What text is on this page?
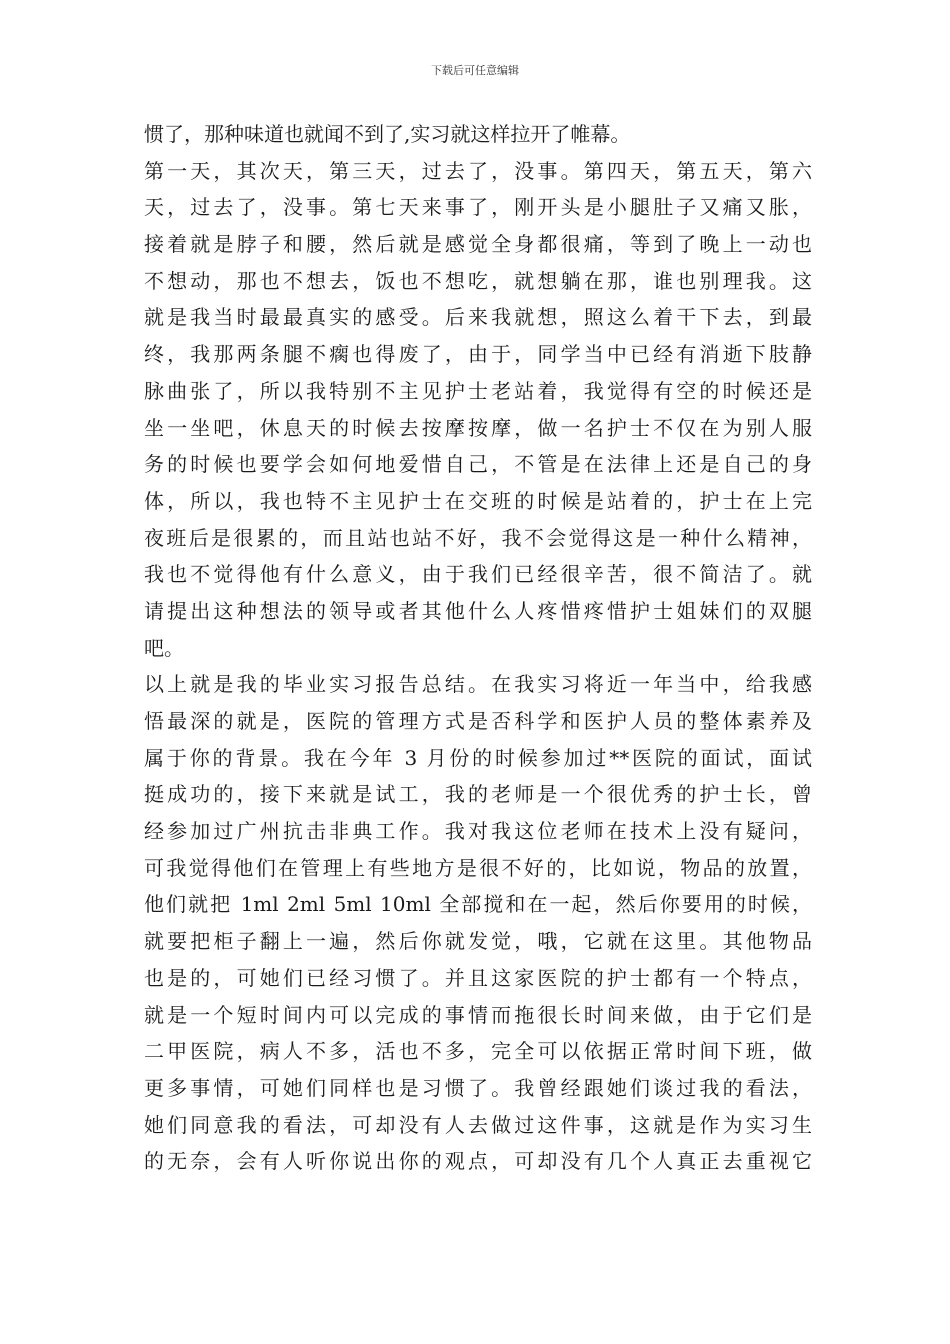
下载后可任意编辑
惯了，那种味道也就闻不到了,实习就这样拉开了帷幕。
第一天，其次天，第三天，过去了，没事。第四天，第五天，第六
天，过去了，没事。第七天来事了，刚开头是小腿肚子又痛又胀，
接着就是脖子和腰，然后就是感觉全身都很痛，等到了晚上一动也
不想动，那也不想去，饭也不想吃，就想躺在那，谁也别理我。这
就是我当时最最真实的感受。后来我就想，照这么着干下去，到最
终，我那两条腿不瘸也得废了，由于，同学当中已经有消逝下肢静
脉曲张了，所以我特别不主见护士老站着，我觉得有空的时候还是
坐一坐吧，休息天的时候去按摩按摩，做一名护士不仅在为别人服
务的时候也要学会如何地爱惜自己，不管是在法律上还是自己的身
体，所以，我也特不主见护士在交班的时候是站着的，护士在上完
夜班后是很累的，而且站也站不好，我不会觉得这是一种什么精神，
我也不觉得他有什么意义，由于我们已经很辛苦，很不简洁了。就
请提出这种想法的领导或者其他什么人疼惜疼惜护士姐妹们的双腿
吧。
以上就是我的毕业实习报告总结。在我实习将近一年当中，给我感
悟最深的就是，医院的管理方式是否科学和医护人员的整体素养及
属于你的背景。我在今年 3 月份的时候参加过**医院的面试，面试
挺成功的，接下来就是试工，我的老师是一个很优秀的护士长，曾
经参加过广州抗击非典工作。我对我这位老师在技术上没有疑问，
可我觉得他们在管理上有些地方是很不好的，比如说，物品的放置，
他们就把 1ml 2ml 5ml 10ml 全部搅和在一起，然后你要用的时候，
就要把柜子翻上一遍，然后你就发觉，哦，它就在这里。其他物品
也是的，可她们已经习惯了。并且这家医院的护士都有一个特点，
就是一个短时间内可以完成的事情而拖很长时间来做，由于它们是
二甲医院，病人不多，活也不多，完全可以依据正常时间下班，做
更多事情，可她们同样也是习惯了。我曾经跟她们谈过我的看法，
她们同意我的看法，可却没有人去做过这件事，这就是作为实习生
的无奈，会有人听你说出你的观点，可却没有几个人真正去重视它
